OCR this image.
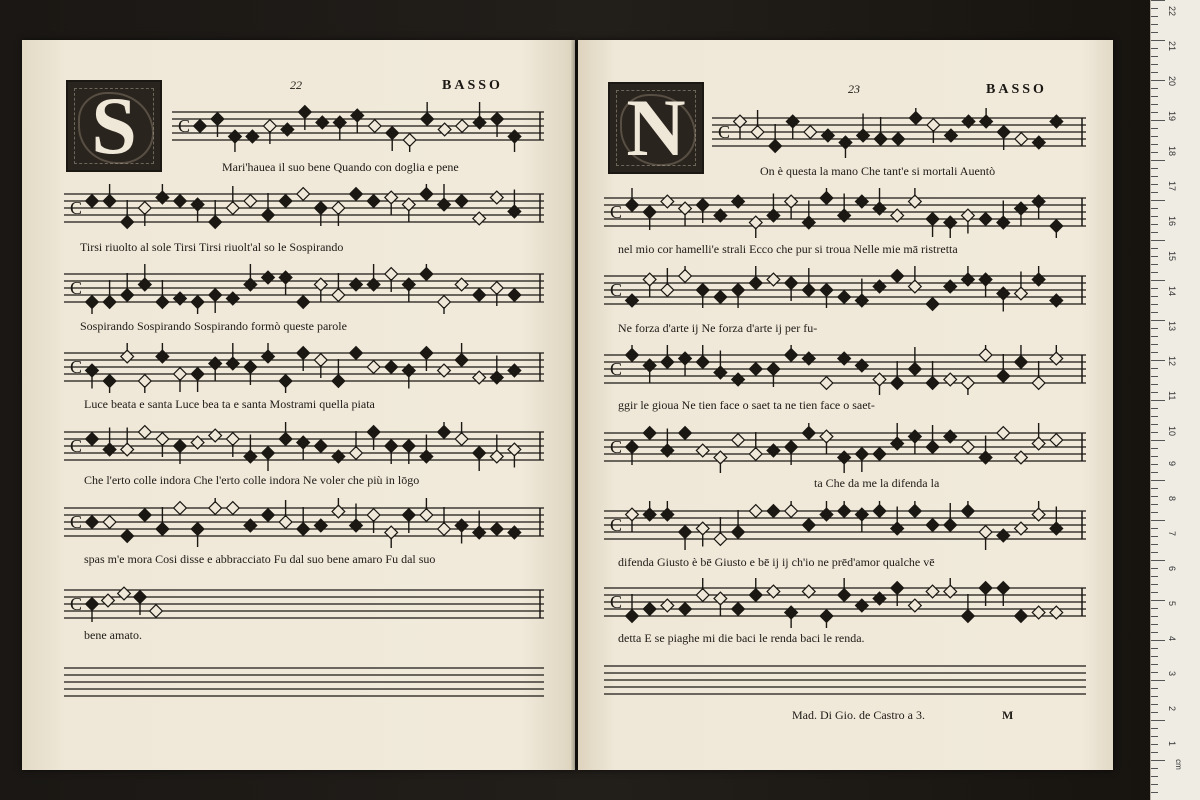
S	22	BASSO
C
Mari'hauea il suo bene Quando con doglia e pene
C
Tirsi riuolto al sole Tirsi Tirsi riuolt'al so le Sospirando
C
Sospirando Sospirando Sospirando formò queste parole
C
Luce beata e santa Luce bea ta e santa Mostrami quella piata
C
Che l'erto colle indora Che l'erto colle indora Ne voler che più in lōgo
C
spas m'e mora Cosi disse e abbracciato Fu dal suo bene amaro Fu dal suo
C
bene amato.
N	23	BASSO
C
On è questa la mano Che tant'e si mortali Auentò
C
nel mio cor hamelli'e strali Ecco che pur si troua Nelle mie mā ristretta
C
Ne forza d'arte ij Ne forza d'arte ij per fu-
C
ggir le gioua Ne tien face o saet ta ne tien face o saet-
C
ta Che da me la difenda la
C
difenda Giusto è bē Giusto e bē ij ij ch'io ne prēd'amor qualche vē
C
detta E se piaghe mi die baci le renda baci le renda.
Mad. Di Gio. de Castro a 3.	M
cm
22
21
20
19
18
17
16
15
14
13
12
11
10
9
8
7
6
5
4
3
2
1
